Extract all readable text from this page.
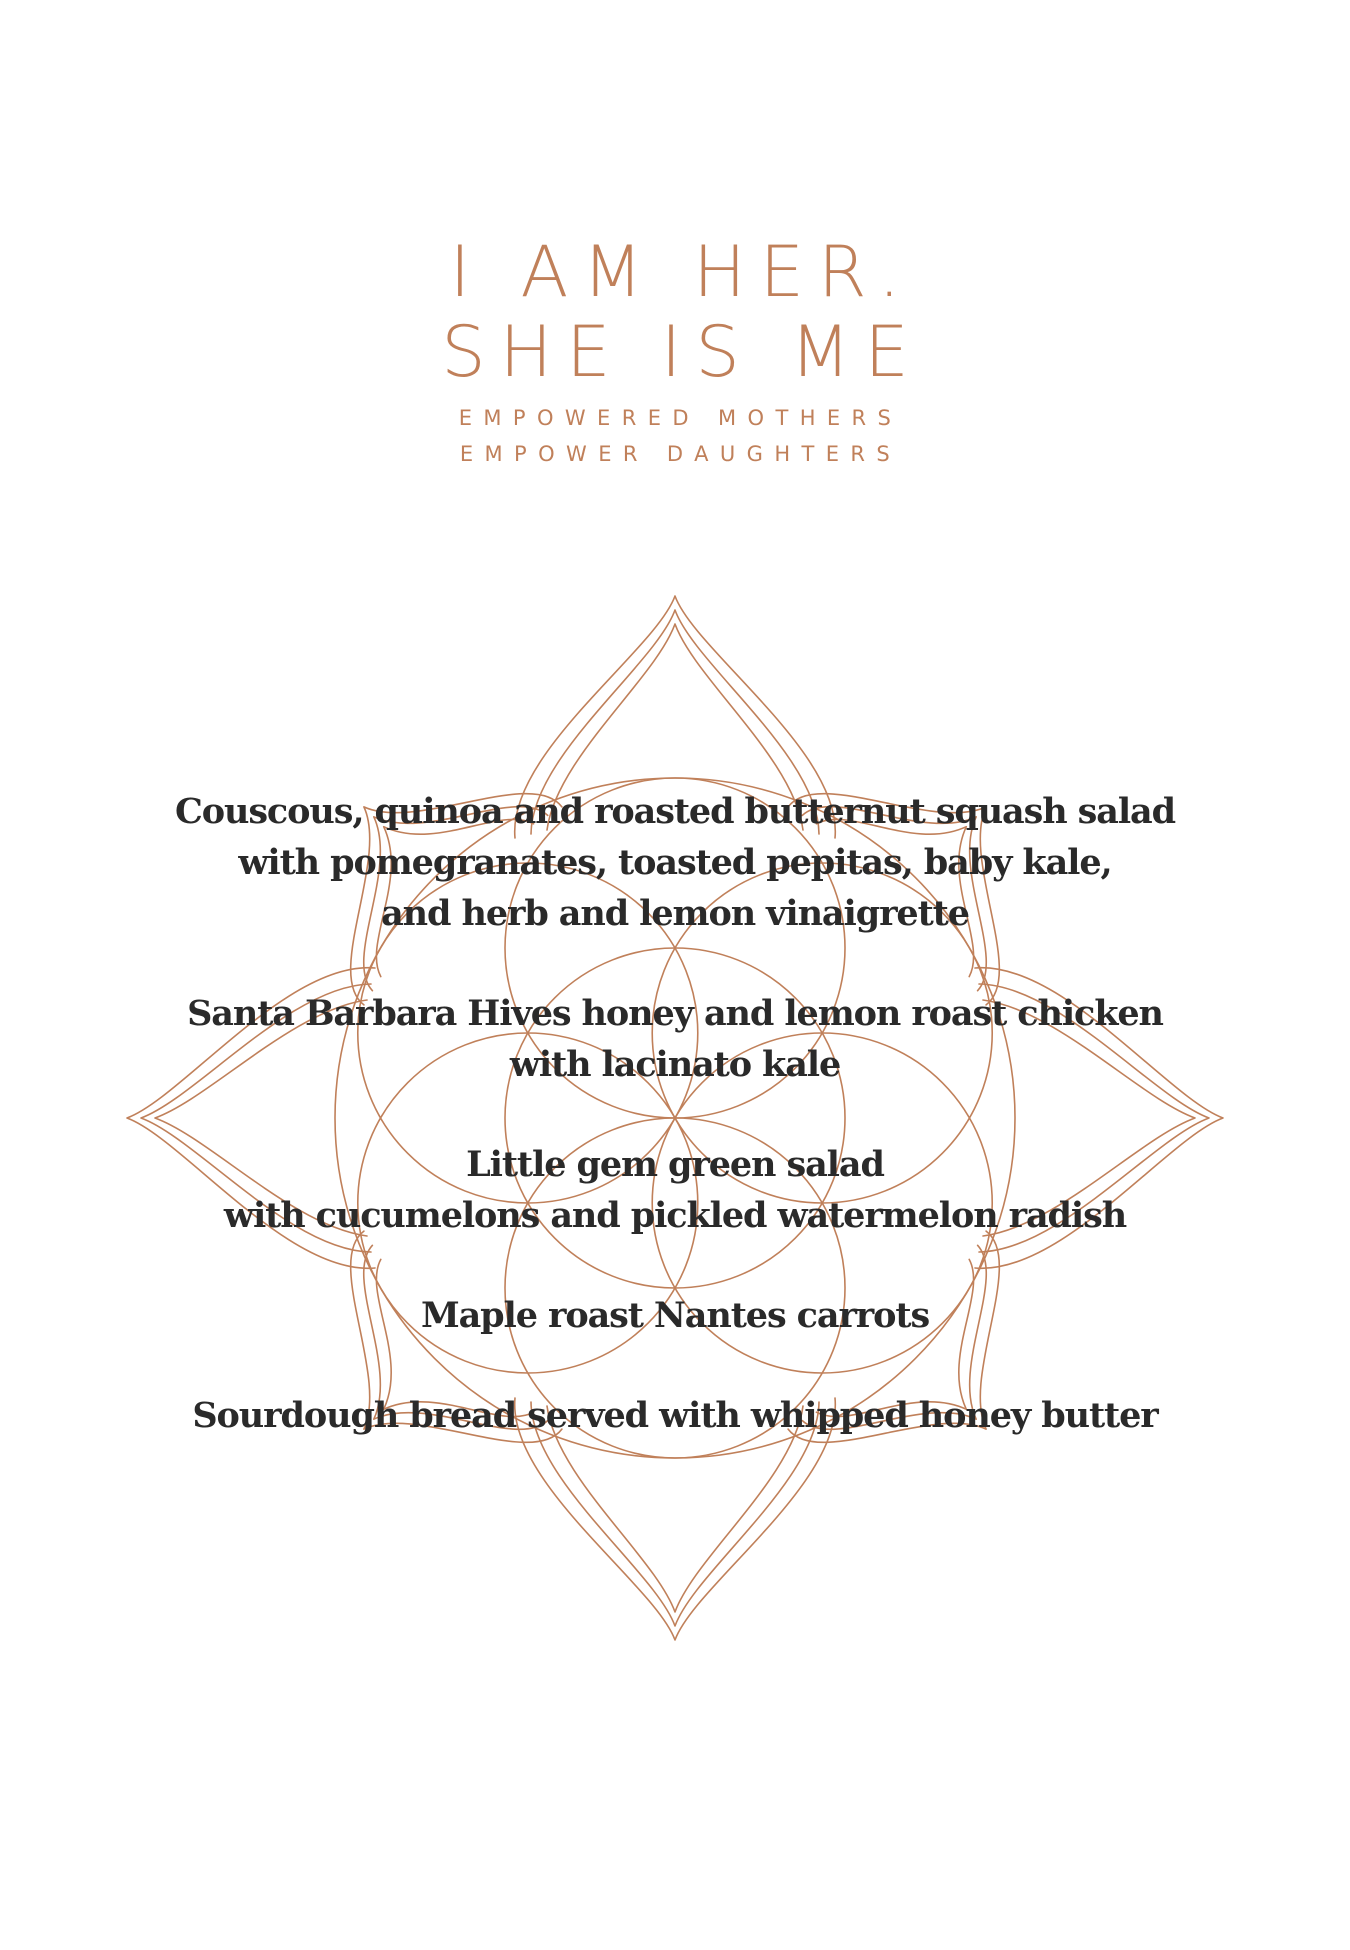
I AM HER.
SHE IS ME
EMPOWERED MOTHERS
EMPOWER DAUGHTERS
Couscous, quinoa and roasted butternut squash salad
with pomegranates, toasted pepitas, baby kale,
and herb and lemon vinaigrette
Santa Barbara Hives honey and lemon roast chicken
with lacinato kale
Little gem green salad
with cucumelons and pickled watermelon radish
Maple roast Nantes carrots
Sourdough bread served with whipped honey butter
